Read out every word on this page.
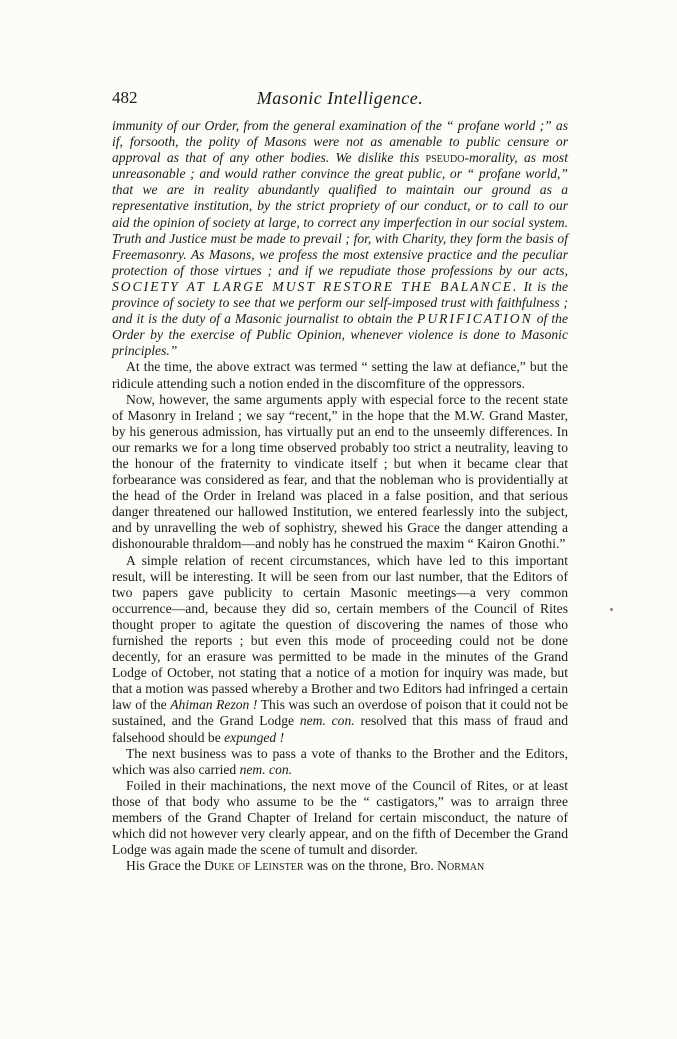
482	Masonic Intelligence.

immunity of our Order, from the general examination of the “ profane world ;” as if, forsooth, the polity of Masons were not as amenable to public censure or approval as that of any other bodies. We dislike this pseudo-morality, as most unreasonable ; and would rather convince the great public, or “ profane world,” that we are in reality abundantly qualified to maintain our ground as a representative institution, by the strict propriety of our conduct, or to call to our aid the opinion of society at large, to correct any imperfection in our social system. Truth and Justice must be made to prevail ; for, with Charity, they form the basis of Freemasonry. As Masons, we profess the most extensive practice and the peculiar protection of those virtues ; and if we repudiate those professions by our acts, SOCIETY AT LARGE MUST RESTORE THE BALANCE. It is the province of society to see that we perform our self-imposed trust with faithfulness ; and it is the duty of a Masonic journalist to obtain the PURIFICATION of the Order by the exercise of Public Opinion, whenever violence is done to Masonic principles.”

At the time, the above extract was termed “ setting the law at defiance,” but the ridicule attending such a notion ended in the discomfiture of the oppressors.

Now, however, the same arguments apply with especial force to the recent state of Masonry in Ireland ; we say “recent,” in the hope that the M.W. Grand Master, by his generous admission, has virtually put an end to the unseemly differences. In our remarks we for a long time observed probably too strict a neutrality, leaving to the honour of the fraternity to vindicate itself ; but when it became clear that forbearance was considered as fear, and that the nobleman who is providentially at the head of the Order in Ireland was placed in a false position, and that serious danger threatened our hallowed Institution, we entered fearlessly into the subject, and by unravelling the web of sophistry, shewed his Grace the danger attending a dishonourable thraldom—and nobly has he construed the maxim “ Kairon Gnothi.”

A simple relation of recent circumstances, which have led to this important result, will be interesting. It will be seen from our last number, that the Editors of two papers gave publicity to certain Masonic meetings—a very common occurrence—and, because they did so, certain members of the Council of Rites thought proper to agitate the question of discovering the names of those who furnished the reports ; but even this mode of proceeding could not be done decently, for an erasure was permitted to be made in the minutes of the Grand Lodge of October, not stating that a notice of a motion for inquiry was made, but that a motion was passed whereby a Brother and two Editors had infringed a certain law of the Ahiman Rezon ! This was such an overdose of poison that it could not be sustained, and the Grand Lodge nem. con. resolved that this mass of fraud and falsehood should be expunged !

The next business was to pass a vote of thanks to the Brother and the Editors, which was also carried nem. con.

Foiled in their machinations, the next move of the Council of Rites, or at least those of that body who assume to be the “ castigators,” was to arraign three members of the Grand Chapter of Ireland for certain misconduct, the nature of which did not however very clearly appear, and on the fifth of December the Grand Lodge was again made the scene of tumult and disorder.

His Grace the Duke of Leinster was on the throne, Bro. Norman
